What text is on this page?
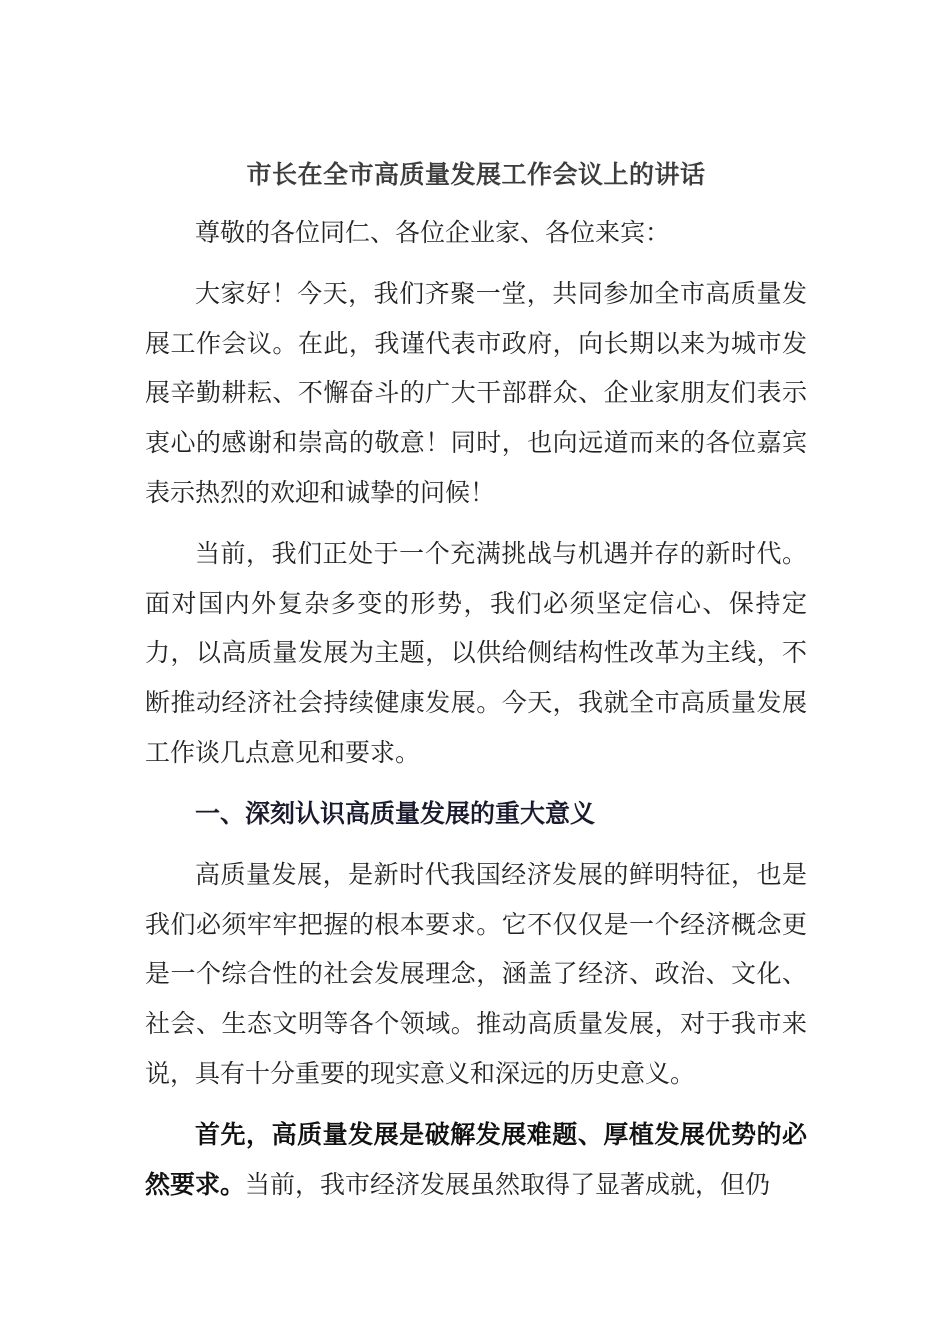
市长在全市高质量发展工作会议上的讲话

尊敬的各位同仁、各位企业家、各位来宾：

大家好！今天，我们齐聚一堂，共同参加全市高质量发展工作会议。在此，我谨代表市政府，向长期以来为城市发展辛勤耕耘、不懈奋斗的广大干部群众、企业家朋友们表示衷心的感谢和崇高的敬意！同时，也向远道而来的各位嘉宾表示热烈的欢迎和诚挚的问候！

当前，我们正处于一个充满挑战与机遇并存的新时代。面对国内外复杂多变的形势，我们必须坚定信心、保持定力，以高质量发展为主题，以供给侧结构性改革为主线，不断推动经济社会持续健康发展。今天，我就全市高质量发展工作谈几点意见和要求。

一、深刻认识高质量发展的重大意义

高质量发展，是新时代我国经济发展的鲜明特征，也是我们必须牢牢把握的根本要求。它不仅仅是一个经济概念更是一个综合性的社会发展理念，涵盖了经济、政治、文化、社会、生态文明等各个领域。推动高质量发展，对于我市来说，具有十分重要的现实意义和深远的历史意义。

首先，高质量发展是破解发展难题、厚植发展优势的必然要求。当前，我市经济发展虽然取得了显著成就，但仍
